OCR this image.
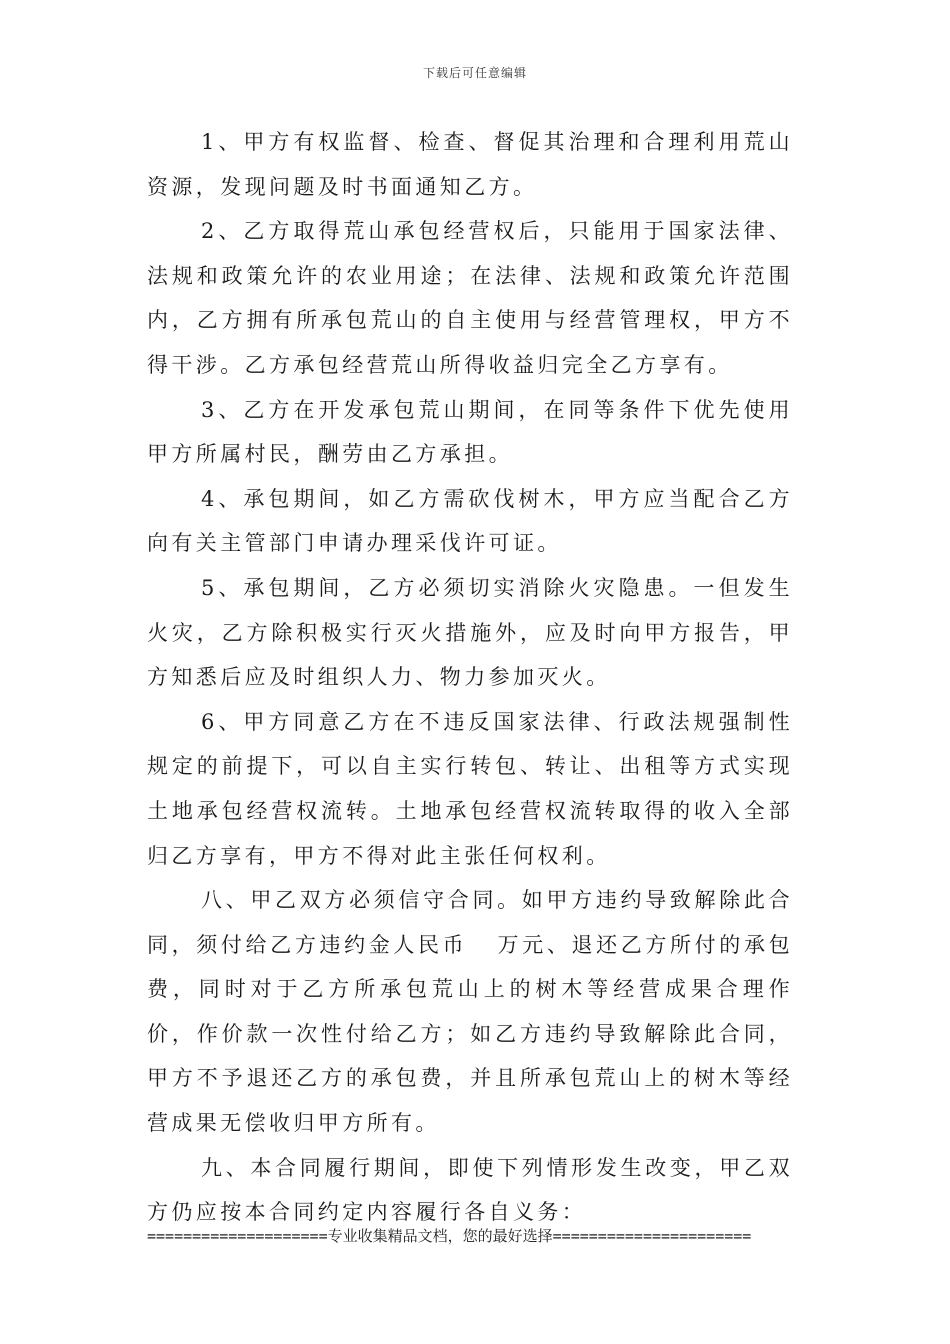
下载后可任意编辑

1、甲方有权监督、检查、督促其治理和合理利用荒山资源，发现问题及时书面通知乙方。

2、乙方取得荒山承包经营权后，只能用于国家法律、法规和政策允许的农业用途；在法律、法规和政策允许范围内，乙方拥有所承包荒山的自主使用与经营管理权，甲方不得干涉。乙方承包经营荒山所得收益归完全乙方享有。

3、乙方在开发承包荒山期间，在同等条件下优先使用甲方所属村民，酬劳由乙方承担。

4、承包期间，如乙方需砍伐树木，甲方应当配合乙方向有关主管部门申请办理采伐许可证。

5、承包期间，乙方必须切实消除火灾隐患。一但发生火灾，乙方除积极实行灭火措施外，应及时向甲方报告，甲方知悉后应及时组织人力、物力参加灭火。

6、甲方同意乙方在不违反国家法律、行政法规强制性规定的前提下，可以自主实行转包、转让、出租等方式实现土地承包经营权流转。土地承包经营权流转取得的收入全部归乙方享有，甲方不得对此主张任何权利。

八、甲乙双方必须信守合同。如甲方违约导致解除此合同，须付给乙方违约金人民币 万元、退还乙方所付的承包费，同时对于乙方所承包荒山上的树木等经营成果合理作价，作价款一次性付给乙方；如乙方违约导致解除此合同，甲方不予退还乙方的承包费，并且所承包荒山上的树木等经营成果无偿收归甲方所有。

九、本合同履行期间，即使下列情形发生改变，甲乙双方仍应按本合同约定内容履行各自义务：

====================专业收集精品文档，您的最好选择======================
